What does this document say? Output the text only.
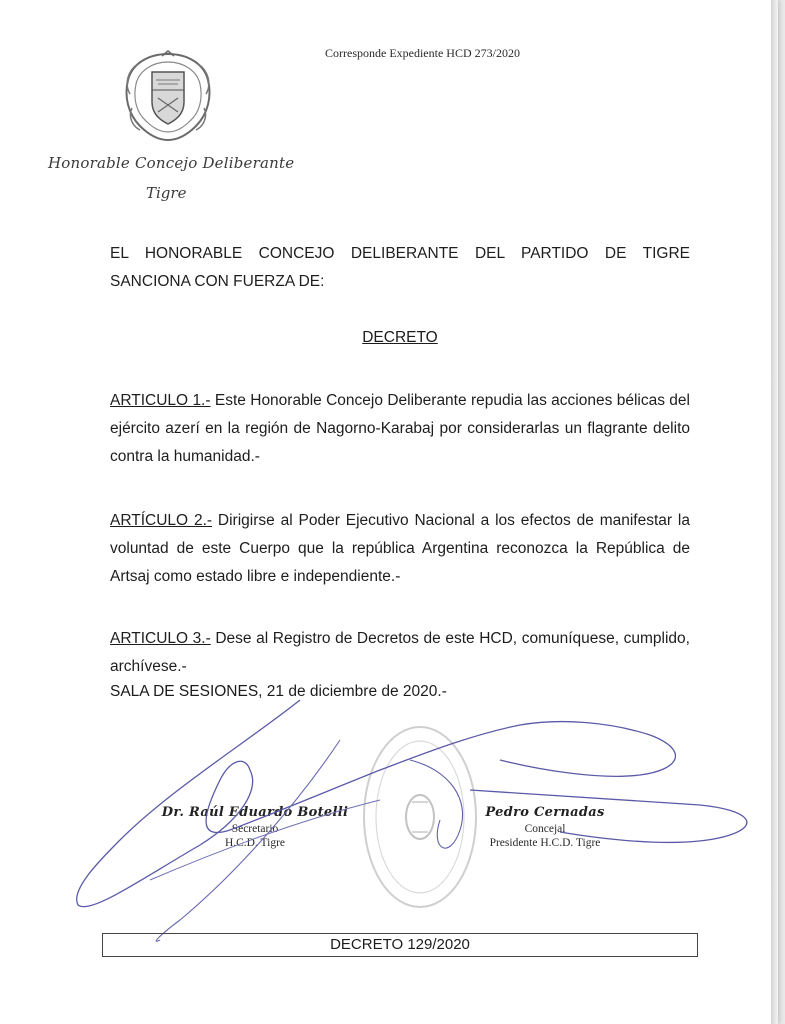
Corresponde Expediente HCD 273/2020
Honorable Concejo Deliberante
Tigre
EL HONORABLE CONCEJO DELIBERANTE DEL PARTIDO DE TIGRE SANCIONA CON FUERZA DE:
DECRETO
ARTICULO 1.- Este Honorable Concejo Deliberante repudia las acciones bélicas del ejército azerí en la región de Nagorno-Karabaj por considerarlas un flagrante delito contra la humanidad.-
ARTÍCULO 2.- Dirigirse al Poder Ejecutivo Nacional a los efectos de manifestar la voluntad de este Cuerpo que la república Argentina reconozca la República de Artsaj como estado libre e independiente.-
ARTICULO 3.- Dese al Registro de Decretos de este HCD, comuníquese, cumplido, archívese.-
SALA DE SESIONES, 21 de diciembre de 2020.-
Dr. Raúl Eduardo Botelli
Secretario
H.C.D. Tigre
Pedro Cernadas
Concejal
Presidente H.C.D. Tigre
DECRETO 129/2020
